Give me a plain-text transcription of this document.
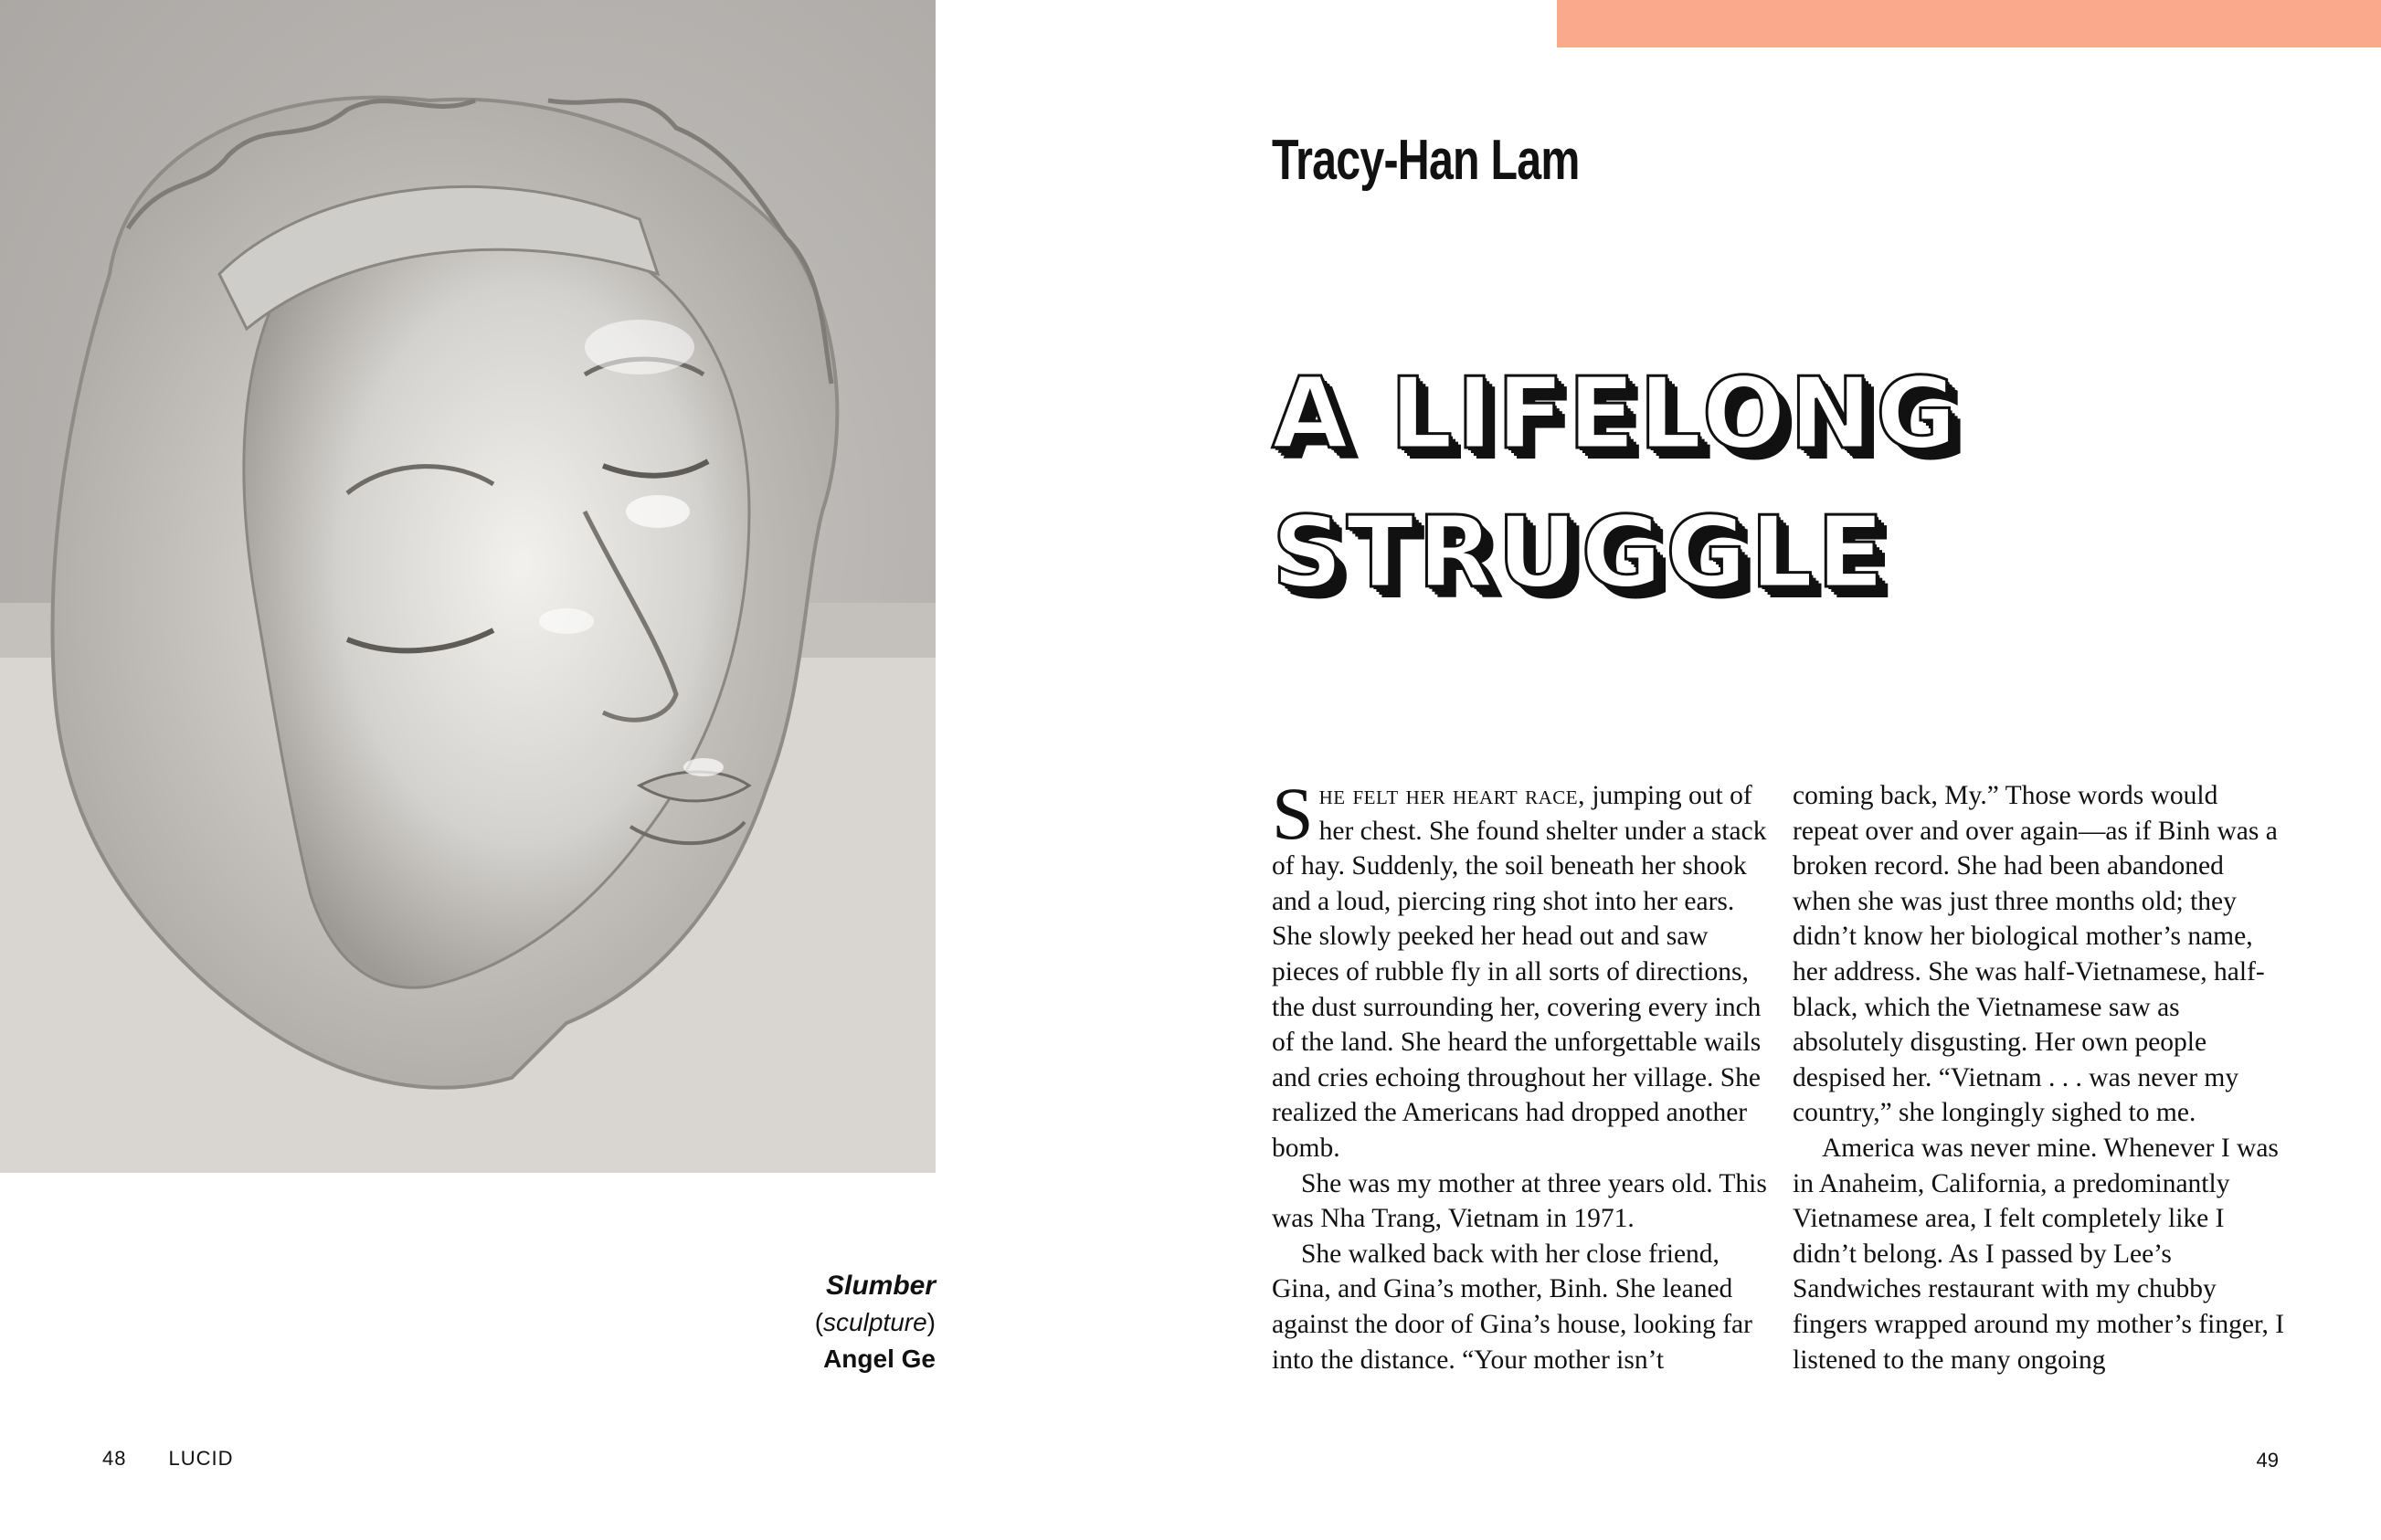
Slumber
(sculpture)
Angel Ge
48 LUCID
Tracy-Han Lam
A LIFELONG
STRUGGLE

She felt her heart race, jumping out of her chest. She found shelter under a stack of hay. Suddenly, the soil beneath her shook and a loud, piercing ring shot into her ears. She slowly peeked her head out and saw pieces of rubble fly in all sorts of directions, the dust surrounding her, covering every inch of the land. She heard the unforgettable wails and cries echoing throughout her village. She realized the Americans had dropped another bomb.

She was my mother at three years old. This was Nha Trang, Vietnam in 1971.

She walked back with her close friend, Gina, and Gina’s mother, Binh. She leaned against the door of Gina’s house, looking far into the distance. “Your mother isn’t

coming back, My.” Those words would repeat over and over again—as if Binh was a broken record. She had been abandoned when she was just three months old; they didn’t know her biological mother’s name, her address. She was half-Vietnamese, half-black, which the Vietnamese saw as absolutely disgusting. Her own people despised her. “Vietnam . . . was never my country,” she longingly sighed to me.

America was never mine. Whenever I was in Anaheim, California, a predominantly Vietnamese area, I felt completely like I didn’t belong. As I passed by Lee’s Sandwiches restaurant with my chubby fingers wrapped around my mother’s finger, I listened to the many ongoing

49
